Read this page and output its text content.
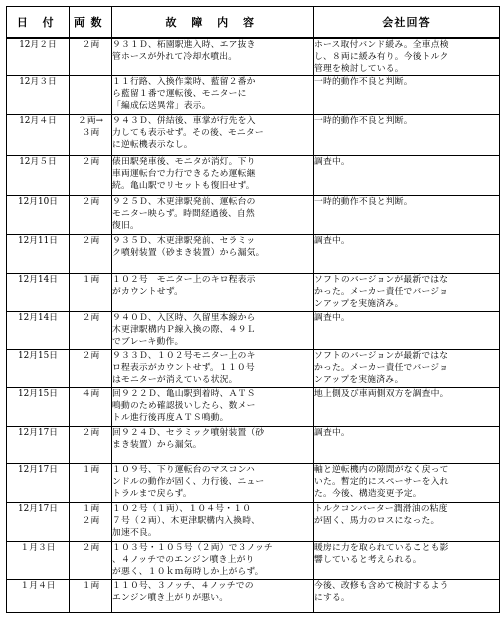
日 付	両数	故 障 内 容	会社回答
12月２日	２両	９３１Ｄ、柘園駅進入時、エア抜き
管ホースが外れて冷却水噴出。	ホース取付バンド緩み。全車点検
し、８両に緩み有り。今後トルク
管理を検討している。

12月３日		１１行路、入換作業時、藍留２番か
ら藍留１番で運転後、モニターに
「編成伝送異常」表示。	一時的動作不良と判断。

12月４日	２両→
３両	９４３Ｄ、併結後、車掌が行先を入
力しても表示せず。その後、モニター
に逆転機表示なし。	一時的動作不良と判断。

12月５日	２両	俵田駅発車後、モニタが消灯。下り
車両運転台で力行できるため運転継
続。亀山駅でリセットも復旧せず。	調査中。

12月10日	２両	９２５Ｄ、木更津駅発前、運転台の
モニター映らず。時間経過後、自然
復旧。	一時的動作不良と判断。

12月11日	２両	９３５Ｄ、木更津駅発前、セラミッ
ク噴射装置（砂まき装置）から漏気。	調査中。

12月14日	１両	１０２号　モニター上のキロ程表示
がカウントせず。	ソフトのバージョンが最新ではな
かった。メーカー責任でバージョ
ンアップを実施済み。

12月14日	２両	９４０Ｄ、入区時、久留里本線から
木更津駅構内Ｐ線入換の際、４９Ｌ
でブレーキ動作。	調査中。

12月15日	２両	９３３Ｄ、１０２号モニター上のキ
ロ程表示がカウントせず。１１０号
はモニターが消えている状況。	ソフトのバージョンが最新ではな
かった。メーカー責任でバージョ
ンアップを実施済み。

12月15日	４両	回９２２Ｄ、亀山駅到着時、ＡＴＳ
鳴動のため確認扱いしたら、数メー
トル進行後再度ＡＴＳ鳴動。	地上側及び車両側双方を調査中。

12月17日	２両	回９２４Ｄ、セラミック噴射装置（砂
まき装置）から漏気。	調査中。

12月17日	１両	１０９号、下り運転台のマスコンハ
ンドルの動作が固く、力行後、ニュー
トラルまで戻らず。	軸と逆転機内の隙間がなく戻って
いた。暫定的にスペーサーを入れ
た。今後、構造変更予定。

12月17日	１両
２両	１０２号（１両）、１０４号・１０
７号（２両）、木更津駅構内入換時、
加速不良。	トルクコンバーター潤滑油の粘度
が固く、馬力のロスになった。

１月３日	２両	１０３号・１０５号（２両）で３ノッチ
、４ノッチでのエンジン噴き上がり
が悪く、１０ｋｍ毎時しか上がらず。	暖房に力を取られていることも影
響していると考えられる。

１月４日	１両	１１０号、３ノッチ、４ノッチでの
エンジン噴き上がりが悪い。	今後、改修も含めて検討するよう
にする。
